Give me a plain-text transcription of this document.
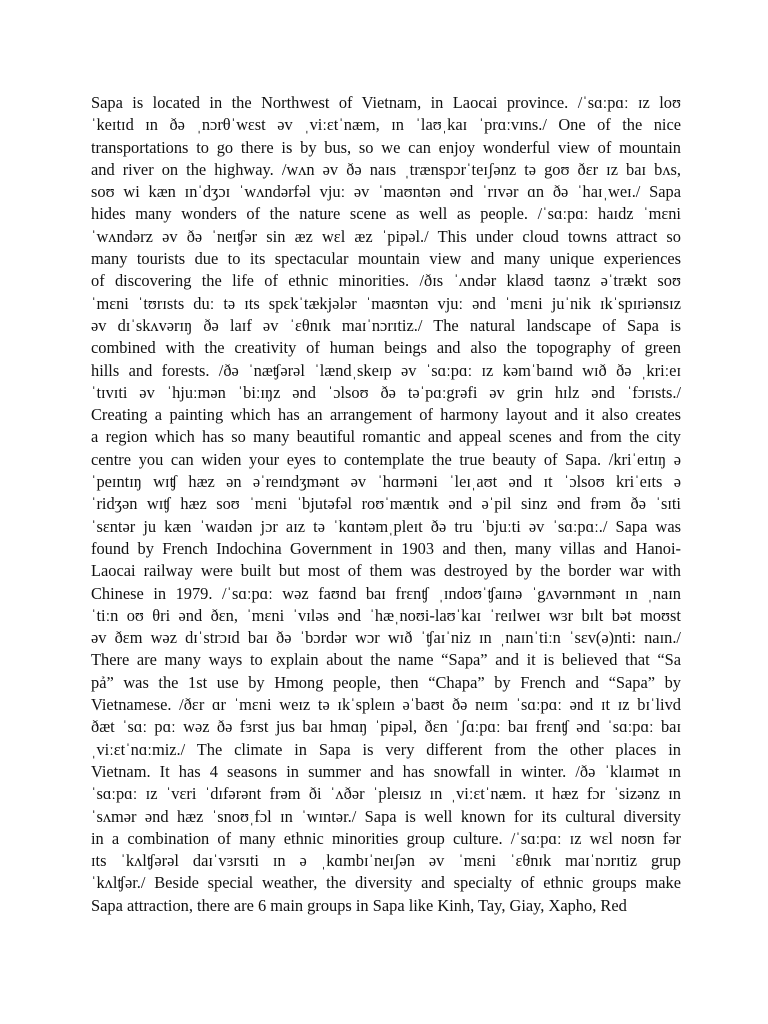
Sapa is located in the Northwest of Vietnam, in Laocai province. /ˈsɑːpɑː ɪz loʊ
ˈkeɪtɪd ɪn ðə ˌnɔrθˈwɛst əv ˌviːɛtˈnæm, ɪn ˈlaʊˌkaɪ ˈprɑːvɪns./ One of the nice
transportations to go there is by bus, so we can enjoy wonderful view of mountain
and river on the highway. /wʌn əv ðə naɪs ˌtrænspɔrˈteɪʃənz tə goʊ ðɛr ɪz baɪ bʌs,
soʊ wi kæn ɪnˈdʒɔɪ ˈwʌndərfəl vjuː əv ˈmaʊntən ənd ˈrɪvər ɑn ðə ˈhaɪˌweɪ./ Sapa
hides many wonders of the nature scene as well as people. /ˈsɑːpɑː haɪdz ˈmɛni
ˈwʌndərz əv ðə ˈneɪʧər sin æz wɛl æz ˈpipəl./ This under cloud towns attract so
many tourists due to its spectacular mountain view and many unique experiences
of discovering the life of ethnic minorities. /ðɪs ˈʌndər klaʊd taʊnz əˈtrækt soʊ
ˈmɛni ˈtʊrɪsts duː tə ɪts spɛkˈtækjələr ˈmaʊntən vjuː ənd ˈmɛni juˈnik ɪkˈspɪriənsɪz
əv dɪˈskʌvərɪŋ ðə laɪf əv ˈɛθnɪk maɪˈnɔrɪtiz./ The natural landscape of Sapa is
combined with the creativity of human beings and also the topography of green
hills and forests. /ðə ˈnæʧərəl ˈlændˌskeɪp əv ˈsɑːpɑː ɪz kəmˈbaɪnd wɪð ðə ˌkriːeɪ
ˈtɪvɪti əv ˈhjuːmən ˈbiːɪŋz ənd ˈɔlsoʊ ðə təˈpɑːgrəfi əv grin hɪlz ənd ˈfɔrɪsts./
Creating a painting which has an arrangement of harmony layout and it also creates
a region which has so many beautiful romantic and appeal scenes and from the city
centre you can widen your eyes to contemplate the true beauty of Sapa. /kriˈeɪtɪŋ ə
ˈpeɪntɪŋ wɪʧ hæz ən əˈreɪndʒmənt əv ˈhɑrməni ˈleɪˌaʊt ənd ɪt ˈɔlsoʊ kriˈeɪts ə
ˈridʒən wɪʧ hæz soʊ ˈmɛni ˈbjutəfəl roʊˈmæntɪk ənd əˈpil sinz ənd frəm ðə ˈsɪti
ˈsɛntər ju kæn ˈwaɪdən jɔr aɪz tə ˈkɑntəmˌpleɪt ðə tru ˈbjuːti əv ˈsɑːpɑː./ Sapa was
found by French Indochina Government in 1903 and then, many villas and Hanoi-
Laocai railway were built but most of them was destroyed by the border war with
Chinese in 1979. /ˈsɑːpɑː wəz faʊnd baɪ frɛnʧ ˌɪndoʊˈʧaɪnə ˈgʌvərnmənt ɪn ˌnaɪn
ˈtiːn oʊ θri ənd ðɛn, ˈmɛni ˈvɪləs ənd ˈhæˌnoʊi-laʊˈkaɪ ˈreɪlweɪ wɜr bɪlt bət moʊst
əv ðɛm wəz dɪˈstrɔɪd baɪ ðə ˈbɔrdər wɔr wɪð ˈʧaɪˈniz ɪn ˌnaɪnˈtiːn ˈsɛv(ə)nti: naɪn./
There are many ways to explain about the name “Sapa” and it is believed that “Sa
pả” was the 1st use by Hmong people, then “Chapa” by French and “Sapa” by
Vietnamese. /ðɛr ɑr ˈmɛni weɪz tə ɪkˈspleɪn əˈbaʊt ðə neɪm ˈsɑːpɑː ənd ɪt ɪz bɪˈlivd
ðæt ˈsɑː pɑː wəz ðə fɜrst jus baɪ hmɑŋ ˈpipəl, ðɛn ˈʃɑːpɑː baɪ frɛnʧ ənd ˈsɑːpɑː baɪ
ˌviːɛtˈnɑːmiz./ The climate in Sapa is very different from the other places in
Vietnam. It has 4 seasons in summer and has snowfall in winter. /ðə ˈklaɪmət ɪn
ˈsɑːpɑː ɪz ˈvɛri ˈdɪfərənt frəm ði ˈʌðər ˈpleɪsɪz ɪn ˌviːɛtˈnæm. ɪt hæz fɔr ˈsizənz ɪn
ˈsʌmər ənd hæz ˈsnoʊˌfɔl ɪn ˈwɪntər./ Sapa is well known for its cultural diversity
in a combination of many ethnic minorities group culture. /ˈsɑːpɑː ɪz wɛl noʊn fər
ɪts ˈkʌlʧərəl daɪˈvɜrsɪti ɪn ə ˌkɑmbɪˈneɪʃən əv ˈmɛni ˈɛθnɪk maɪˈnɔrɪtiz grup
ˈkʌlʧər./ Beside special weather, the diversity and specialty of ethnic groups make
Sapa attraction, there are 6 main groups in Sapa like Kinh, Tay, Giay, Xapho, Red
